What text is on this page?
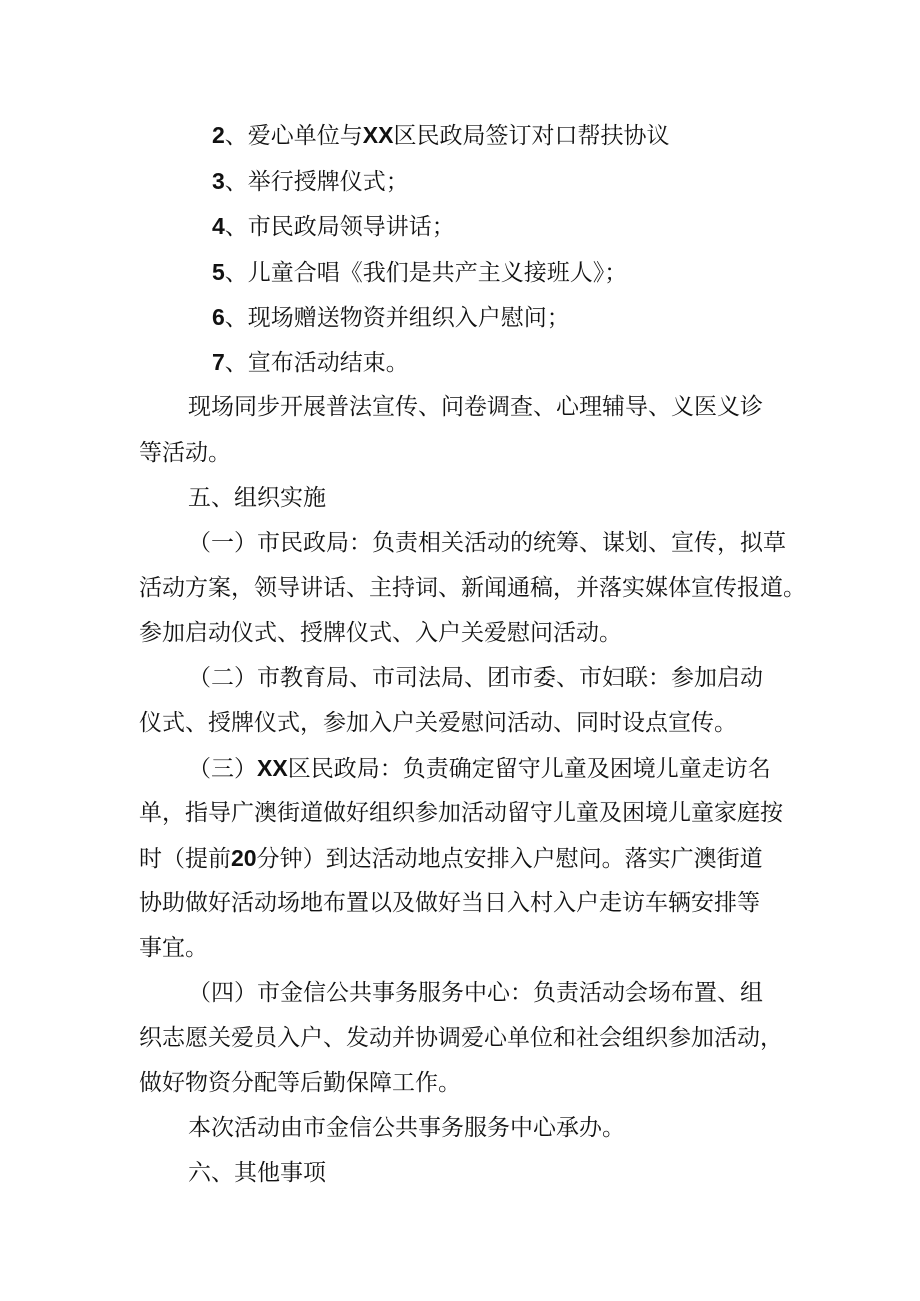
2、爱心单位与XX区民政局签订对口帮扶协议
3、举行授牌仪式；
4、市民政局领导讲话；
5、儿童合唱《我们是共产主义接班人》；
6、现场赠送物资并组织入户慰问；
7、宣布活动结束。
现场同步开展普法宣传、问卷调查、心理辅导、义医义诊
等活动。
五、组织实施
（一）市民政局：负责相关活动的统筹、谋划、宣传，拟草
活动方案，领导讲话、主持词、新闻通稿，并落实媒体宣传报道。
参加启动仪式、授牌仪式、入户关爱慰问活动。
（二）市教育局、市司法局、团市委、市妇联：参加启动
仪式、授牌仪式，参加入户关爱慰问活动、同时设点宣传。
（三）XX区民政局：负责确定留守儿童及困境儿童走访名
单，指导广澳街道做好组织参加活动留守儿童及困境儿童家庭按
时（提前20分钟）到达活动地点安排入户慰问。落实广澳街道
协助做好活动场地布置以及做好当日入村入户走访车辆安排等
事宜。
（四）市金信公共事务服务中心：负责活动会场布置、组
织志愿关爱员入户、发动并协调爱心单位和社会组织参加活动，
做好物资分配等后勤保障工作。
本次活动由市金信公共事务服务中心承办。
六、其他事项
